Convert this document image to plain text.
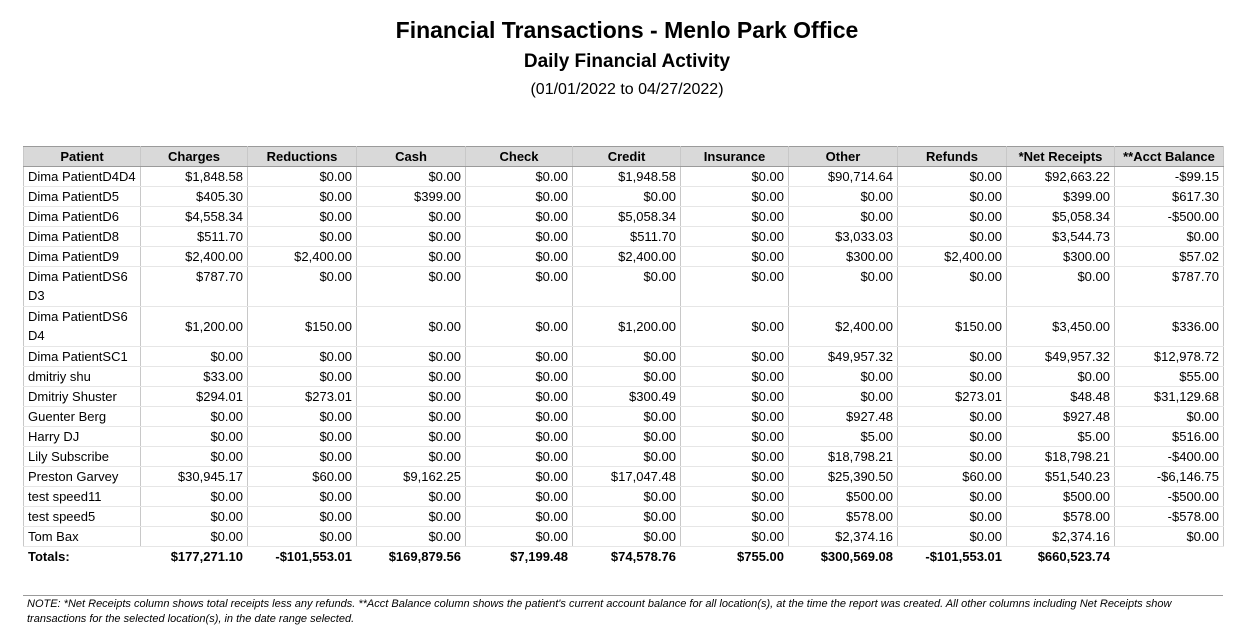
Financial Transactions - Menlo Park Office
Daily Financial Activity
(01/01/2022 to 04/27/2022)
Patient	Charges	Reductions	Cash	Check	Credit	Insurance	Other	Refunds	*Net Receipts	**Acct Balance
Dima PatientD4D4	$1,848.58	$0.00	$0.00	$0.00	$1,948.58	$0.00	$90,714.64	$0.00	$92,663.22	-$99.15
Dima PatientD5	$405.30	$0.00	$399.00	$0.00	$0.00	$0.00	$0.00	$0.00	$399.00	$617.30
Dima PatientD6	$4,558.34	$0.00	$0.00	$0.00	$5,058.34	$0.00	$0.00	$0.00	$5,058.34	-$500.00
Dima PatientD8	$511.70	$0.00	$0.00	$0.00	$511.70	$0.00	$3,033.03	$0.00	$3,544.73	$0.00
Dima PatientD9	$2,400.00	$2,400.00	$0.00	$0.00	$2,400.00	$0.00	$300.00	$2,400.00	$300.00	$57.02
Dima PatientDS6D3	$787.70	$0.00	$0.00	$0.00	$0.00	$0.00	$0.00	$0.00	$0.00	$787.70
Dima PatientDS6D4	$1,200.00	$150.00	$0.00	$0.00	$1,200.00	$0.00	$2,400.00	$150.00	$3,450.00	$336.00
Dima PatientSC1	$0.00	$0.00	$0.00	$0.00	$0.00	$0.00	$49,957.32	$0.00	$49,957.32	$12,978.72
dmitriy shu	$33.00	$0.00	$0.00	$0.00	$0.00	$0.00	$0.00	$0.00	$0.00	$55.00
Dmitriy Shuster	$294.01	$273.01	$0.00	$0.00	$300.49	$0.00	$0.00	$273.01	$48.48	$31,129.68
Guenter Berg	$0.00	$0.00	$0.00	$0.00	$0.00	$0.00	$927.48	$0.00	$927.48	$0.00
Harry DJ	$0.00	$0.00	$0.00	$0.00	$0.00	$0.00	$5.00	$0.00	$5.00	$516.00
Lily Subscribe	$0.00	$0.00	$0.00	$0.00	$0.00	$0.00	$18,798.21	$0.00	$18,798.21	-$400.00
Preston Garvey	$30,945.17	$60.00	$9,162.25	$0.00	$17,047.48	$0.00	$25,390.50	$60.00	$51,540.23	-$6,146.75
test speed11	$0.00	$0.00	$0.00	$0.00	$0.00	$0.00	$500.00	$0.00	$500.00	-$500.00
test speed5	$0.00	$0.00	$0.00	$0.00	$0.00	$0.00	$578.00	$0.00	$578.00	-$578.00
Tom Bax	$0.00	$0.00	$0.00	$0.00	$0.00	$0.00	$2,374.16	$0.00	$2,374.16	$0.00
Totals:	$177,271.10	-$101,553.01	$169,879.56	$7,199.48	$74,578.76	$755.00	$300,569.08	-$101,553.01	$660,523.74	
NOTE: *Net Receipts column shows total receipts less any refunds. **Acct Balance column shows the patient's current account balance for all location(s), at the time the report was created. All other columns including Net Receipts show transactions for the selected location(s), in the date range selected.
